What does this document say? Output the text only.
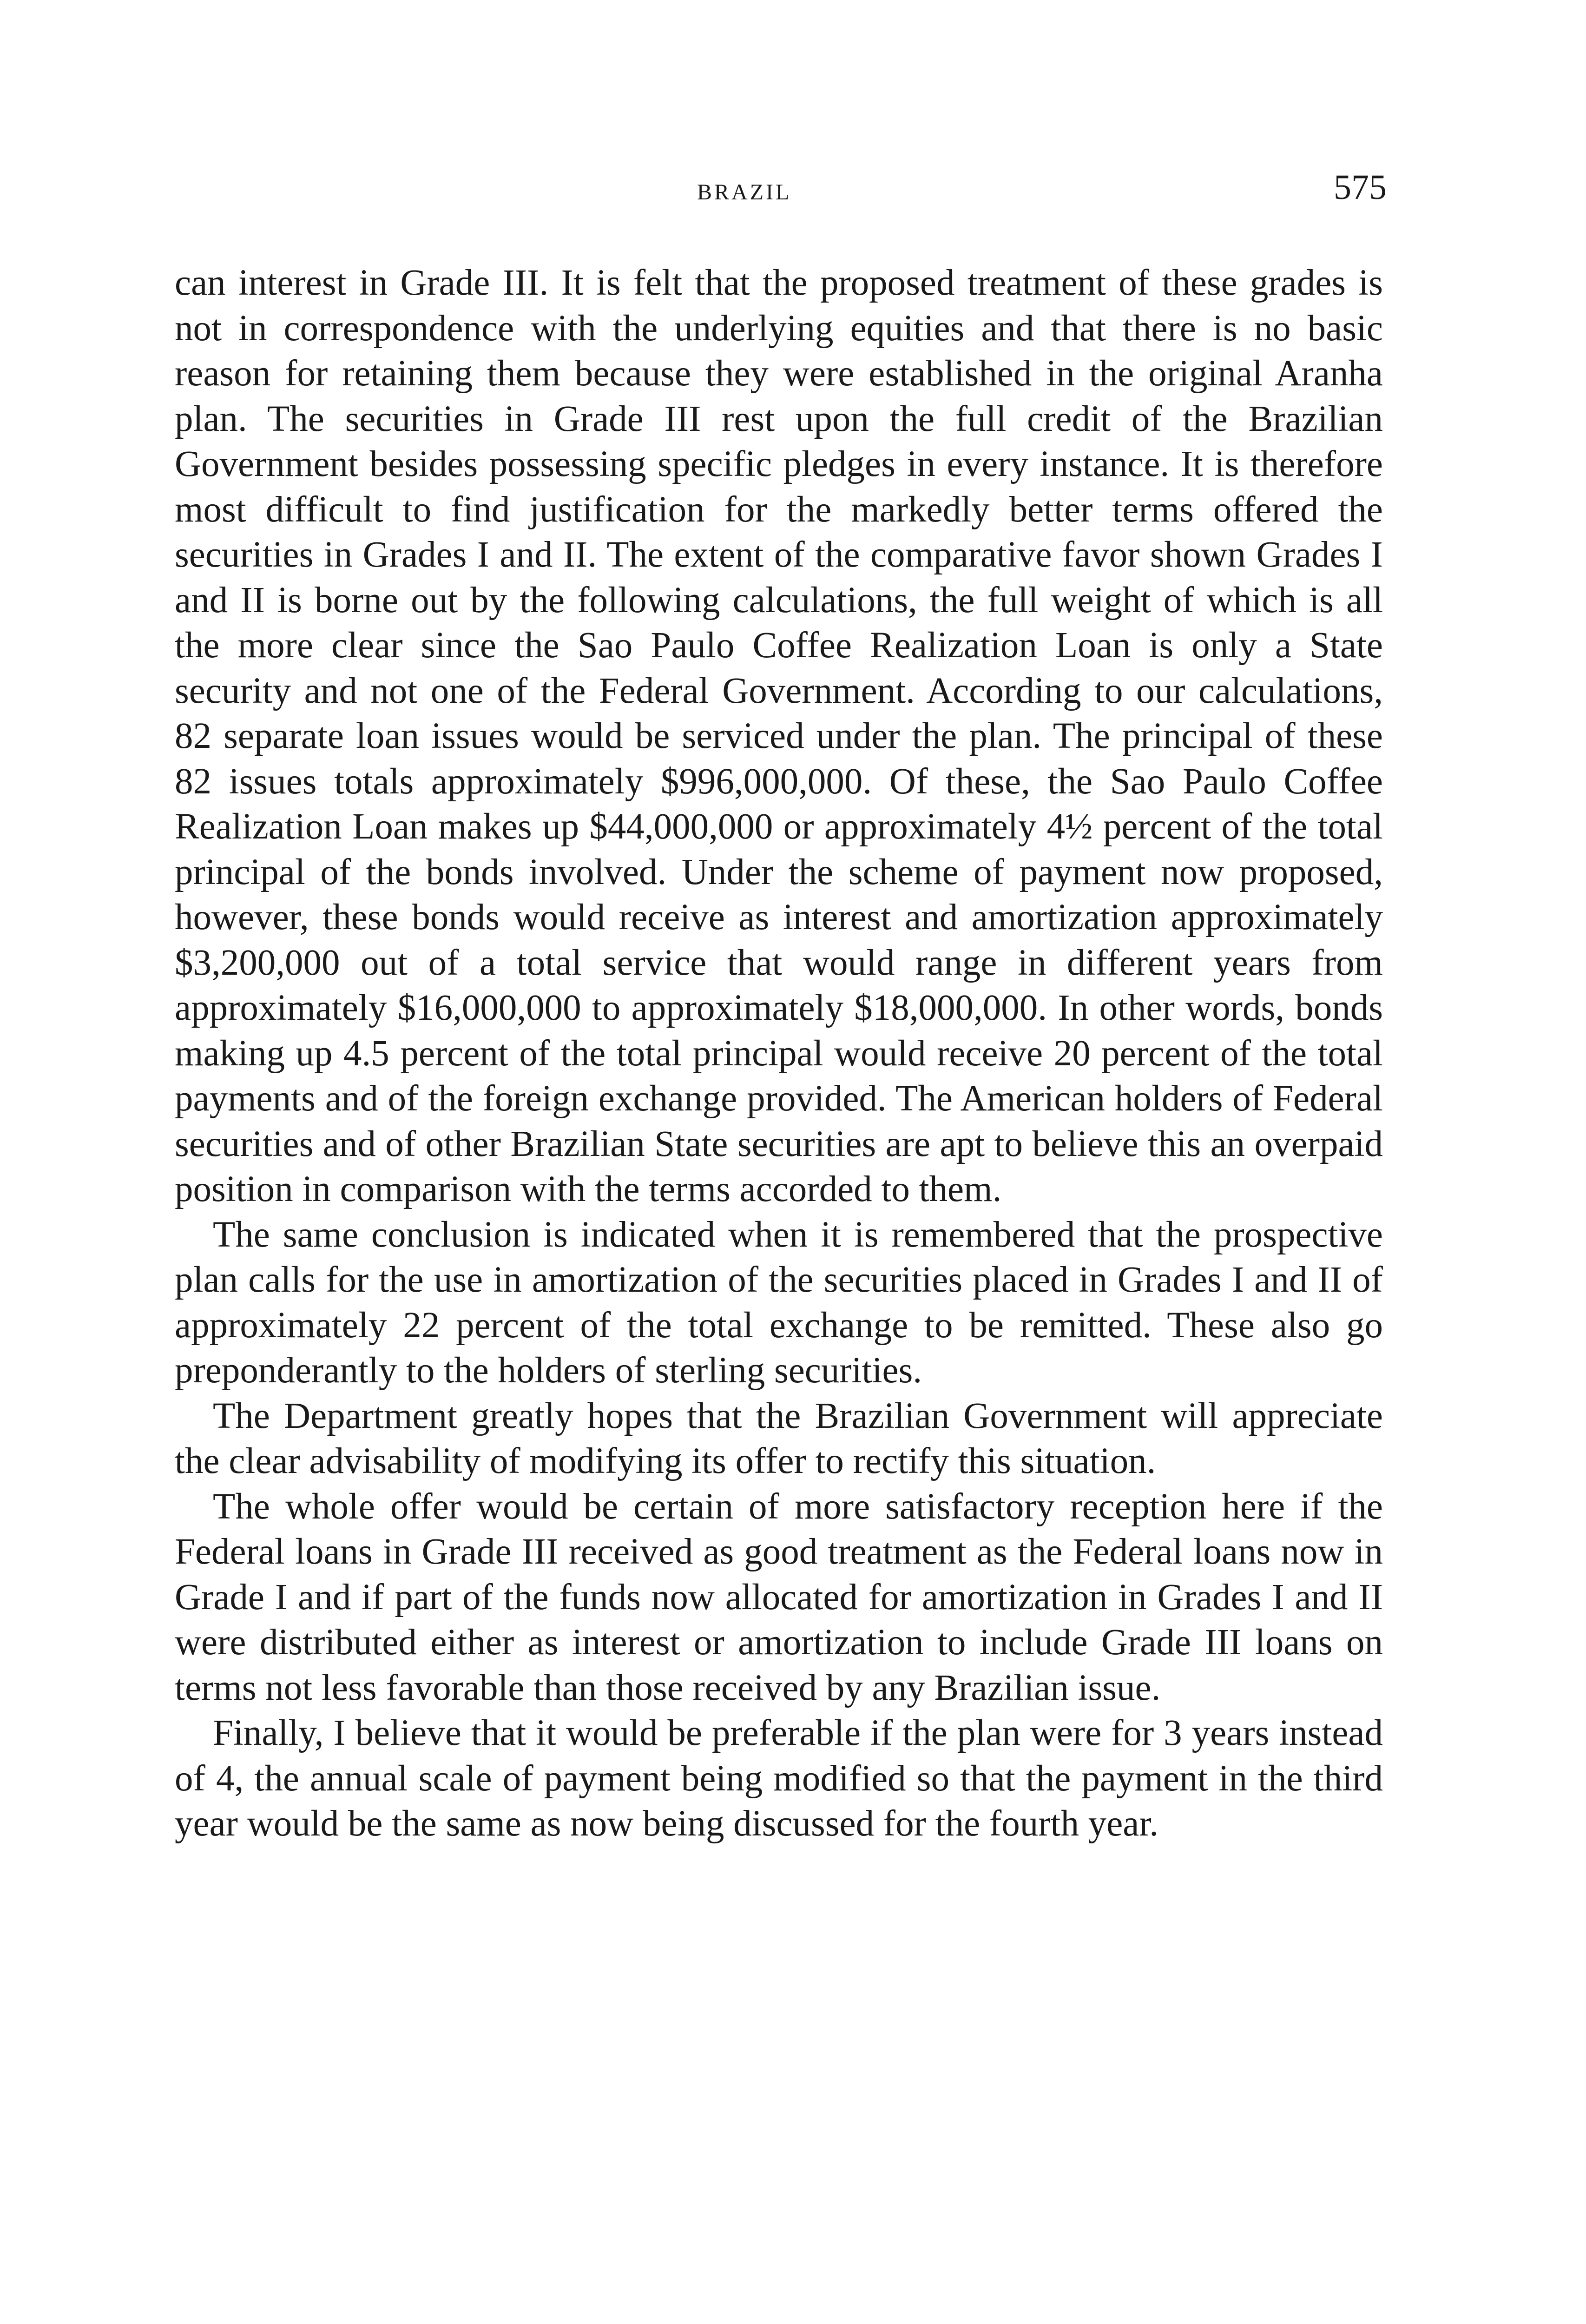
BRAZIL	575

can interest in Grade III. It is felt that the proposed treatment of these grades is not in correspondence with the underlying equities and that there is no basic reason for retaining them because they were established in the original Aranha plan. The securities in Grade III rest upon the full credit of the Brazilian Government besides possessing specific pledges in every instance. It is therefore most difficult to find justification for the markedly better terms offered the securities in Grades I and II. The extent of the comparative favor shown Grades I and II is borne out by the following calculations, the full weight of which is all the more clear since the Sao Paulo Coffee Realization Loan is only a State security and not one of the Federal Government. According to our calculations, 82 separate loan issues would be serviced under the plan. The principal of these 82 issues totals approximately $996,000,000. Of these, the Sao Paulo Coffee Realization Loan makes up $44,000,000 or approximately 4½ percent of the total principal of the bonds involved. Under the scheme of payment now proposed, however, these bonds would receive as interest and amortization approximately $3,200,000 out of a total service that would range in different years from approximately $16,000,000 to approximately $18,000,000. In other words, bonds making up 4.5 percent of the total principal would receive 20 percent of the total payments and of the foreign exchange provided. The American holders of Federal securities and of other Brazilian State securities are apt to believe this an overpaid position in comparison with the terms accorded to them.

The same conclusion is indicated when it is remembered that the prospective plan calls for the use in amortization of the securities placed in Grades I and II of approximately 22 percent of the total exchange to be remitted. These also go preponderantly to the holders of sterling securities.

The Department greatly hopes that the Brazilian Government will appreciate the clear advisability of modifying its offer to rectify this situation.

The whole offer would be certain of more satisfactory reception here if the Federal loans in Grade III received as good treatment as the Federal loans now in Grade I and if part of the funds now allocated for amortization in Grades I and II were distributed either as interest or amortization to include Grade III loans on terms not less favorable than those received by any Brazilian issue.

Finally, I believe that it would be preferable if the plan were for 3 years instead of 4, the annual scale of payment being modified so that the payment in the third year would be the same as now being discussed for the fourth year.
